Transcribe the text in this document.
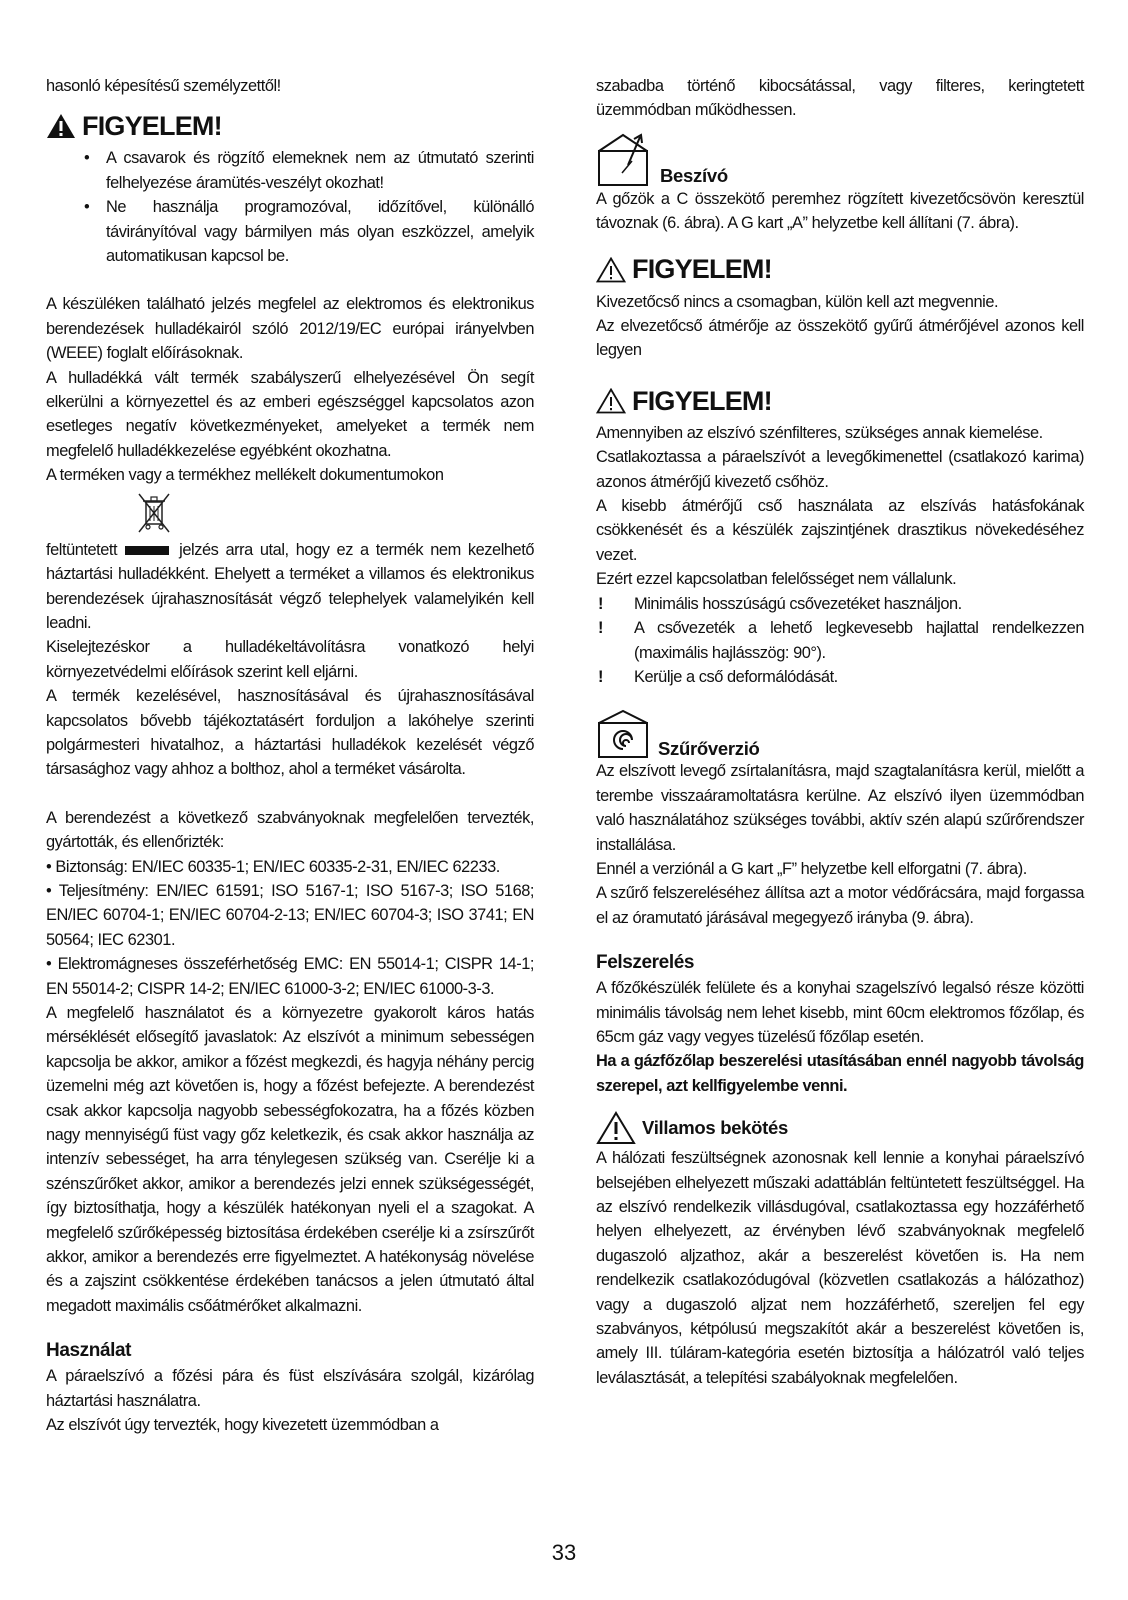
hasonló képesítésű személyzettől!

FIGYELEM!
• A csavarok és rögzítő elemeknek nem az útmutató szerinti felhelyezése áramütés-veszélyt okozhat!
• Ne használja programozóval, időzítővel, különálló távirányítóval vagy bármilyen más olyan eszközzel, amelyik automatikusan kapcsol be.

A készüléken található jelzés megfelel az elektromos és elektronikus berendezések hulladékairól szóló 2012/19/EC európai irányelvben (WEEE) foglalt előírásoknak.

A hulladékká vált termék szabályszerű elhelyezésével Ön segít elkerülni a környezettel és az emberi egészséggel kapcsolatos azon esetleges negatív következményeket, amelyeket a termék nem megfelelő hulladékkezelése egyébként okozhatna.

A terméken vagy a termékhez mellékelt dokumentumokon

feltüntetett	jelzés arra utal, hogy ez a termék nem kezelhető háztartási hulladékként. Ehelyett a terméket a villamos és elektronikus berendezések újrahasznosítását végző telephelyek valamelyikén kell leadni.

Kiselejtezéskor a hulladékeltávolításra vonatkozó helyi környezetvédelmi előírások szerint kell eljárni.

A termék kezelésével, hasznosításával és újrahasznosításával kapcsolatos bővebb tájékoztatásért forduljon a lakóhelye szerinti polgármesteri hivatalhoz, a háztartási hulladékok kezelését végző társasághoz vagy ahhoz a bolthoz, ahol a terméket vásárolta.

A berendezést a következő szabványoknak megfelelően tervezték, gyártották, és ellenőrizték:

• Biztonság: EN/IEC 60335-1; EN/IEC 60335-2-31, EN/IEC 62233.

• Teljesítmény: EN/IEC 61591; ISO 5167-1; ISO 5167-3; ISO 5168; EN/IEC 60704-1; EN/IEC 60704-2-13; EN/IEC 60704-3; ISO 3741; EN 50564; IEC 62301.

• Elektromágneses összeférhetőség EMC: EN 55014-1; CISPR 14-1; EN 55014-2; CISPR 14-2; EN/IEC 61000-3-2; EN/IEC 61000-3-3.

A megfelelő használatot és a környezetre gyakorolt káros hatás mérséklését elősegítő javaslatok: Az elszívót a minimum sebességen kapcsolja be akkor, amikor a főzést megkezdi, és hagyja néhány percig üzemelni még azt követően is, hogy a főzést befejezte. A berendezést csak akkor kapcsolja nagyobb sebességfokozatra, ha a főzés közben nagy mennyiségű füst vagy gőz keletkezik, és csak akkor használja az intenzív sebességet, ha arra ténylegesen szükség van. Cserélje ki a szénszűrőket akkor, amikor a berendezés jelzi ennek szükségességét, így biztosíthatja, hogy a készülék hatékonyan nyeli el a szagokat. A megfelelő szűrőképesség biztosítása érdekében cserélje ki a zsírszűrőt akkor, amikor a berendezés erre figyelmeztet. A hatékonyság növelése és a zajszint csökkentése érdekében tanácsos a jelen útmutató által megadott maximális csőátmérőket alkalmazni.

Használat

A páraelszívó a főzési pára és füst elszívására szolgál, kizárólag háztartási használatra.

Az elszívót úgy tervezték, hogy kivezetett üzemmódban a

szabadba történő kibocsátással, vagy filteres, keringtetett üzemmódban működhessen.

Beszívó

A gőzök a C összekötő peremhez rögzített kivezetőcsövön keresztül távoznak (6. ábra). A G kart „A” helyzetbe kell állítani (7. ábra).

FIGYELEM!

Kivezetőcső nincs a csomagban, külön kell azt megvennie.

Az elvezetőcső átmérője az összekötő gyűrű átmérőjével azonos kell legyen

FIGYELEM!

Amennyiben az elszívó szénfilteres, szükséges annak kiemelése.

Csatlakoztassa a páraelszívót a levegőkimenettel (csatlakozó karima) azonos átmérőjű kivezető csőhöz.

A kisebb átmérőjű cső használata az elszívás hatásfokának csökkenését és a készülék zajszintjének drasztikus növekedéséhez vezet.

Ezért ezzel kapcsolatban felelősséget nem vállalunk.

! Minimális hosszúságú csővezetéket használjon.
! A csővezeték a lehető legkevesebb hajlattal rendelkezzen (maximális hajlásszög: 90°).
! Kerülje a cső deformálódását.
Szűrőverzió

Az elszívott levegő zsírtalanításra, majd szagtalanításra kerül, mielőtt a terembe visszaáramoltatásra kerülne. Az elszívó ilyen üzemmódban való használatához szükséges további, aktív szén alapú szűrőrendszer installálása.

Ennél a verziónál a G kart „F” helyzetbe kell elforgatni (7. ábra).

A szűrő felszereléséhez állítsa azt a motor védőrácsára, majd forgassa el az óramutató járásával megegyező irányba (9. ábra).

Felszerelés

A főzőkészülék felülete és a konyhai szagelszívó legalsó része közötti minimális távolság nem lehet kisebb, mint 60cm elektromos főzőlap, és 65cm gáz vagy vegyes tüzelésű főzőlap esetén.

Ha a gázfőzőlap beszerelési utasításában ennél nagyobb távolság szerepel, azt kellfigyelembe venni.

Villamos bekötés

A hálózati feszültségnek azonosnak kell lennie a konyhai páraelszívó belsejében elhelyezett műszaki adattáblán feltüntetett feszültséggel. Ha az elszívó rendelkezik villásdugóval, csatlakoztassa egy hozzáférhető helyen elhelyezett, az érvényben lévő szabványoknak megfelelő dugaszoló aljzathoz, akár a beszerelést követően is. Ha nem rendelkezik csatlakozódugóval (közvetlen csatlakozás a hálózathoz) vagy a dugaszoló aljzat nem hozzáférhető, szereljen fel egy szabványos, kétpólusú megszakítót akár a beszerelést követően is, amely III. túláram-kategória esetén biztosítja a hálózatról való teljes leválasztását, a telepítési szabályoknak megfelelően.

33
